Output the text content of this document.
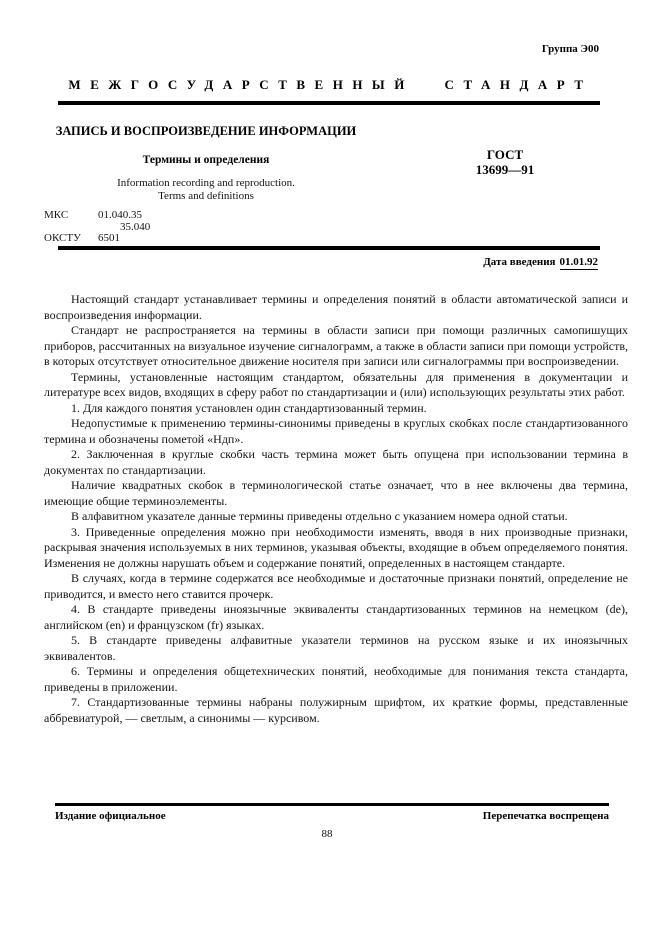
Группа Э00
МЕЖГОСУДАРСТВЕННЫЙ СТАНДАРТ
ЗАПИСЬ И ВОСПРОИЗВЕДЕНИЕ ИНФОРМАЦИИ
Термины и определения
Information recording and reproduction.
Terms and definitions
ГОСТ
13699—91
МКС	01.040.35
35.040
ОКСТУ 6501
Дата введения 01.01.92

Настоящий стандарт устанавливает термины и определения понятий в области автоматической записи и воспроизведения информации.

Стандарт не распространяется на термины в области записи при помощи различных самопишущих приборов, рассчитанных на визуальное изучение сигналограмм, а также в области записи при помощи устройств, в которых отсутствует относительное движение носителя при записи или сигналограммы при воспроизведении.

Термины, установленные настоящим стандартом, обязательны для применения в документации и литературе всех видов, входящих в сферу работ по стандартизации и (или) использующих результаты этих работ.

1. Для каждого понятия установлен один стандартизованный термин.

Недопустимые к применению термины-синонимы приведены в круглых скобках после стандартизованного термина и обозначены пометой «Ндп».

2. Заключенная в круглые скобки часть термина может быть опущена при использовании термина в документах по стандартизации.

Наличие квадратных скобок в терминологической статье означает, что в нее включены два термина, имеющие общие терминоэлементы.

В алфавитном указателе данные термины приведены отдельно с указанием номера одной статьи.

3. Приведенные определения можно при необходимости изменять, вводя в них производные признаки, раскрывая значения используемых в них терминов, указывая объекты, входящие в объем определяемого понятия. Изменения не должны нарушать объем и содержание понятий, определенных в настоящем стандарте.

В случаях, когда в термине содержатся все необходимые и достаточные признаки понятий, определение не приводится, и вместо него ставится прочерк.

4. В стандарте приведены иноязычные эквиваленты стандартизованных терминов на немецком (de), английском (en) и французском (fr) языках.

5. В стандарте приведены алфавитные указатели терминов на русском языке и их иноязычных эквивалентов.

6. Термины и определения общетехнических понятий, необходимые для понимания текста стандарта, приведены в приложении.

7. Стандартизованные термины набраны полужирным шрифтом, их краткие формы, представленные аббревиатурой, — светлым, а синонимы — курсивом.

Издание официальное	Перепечатка воспрещена
88
